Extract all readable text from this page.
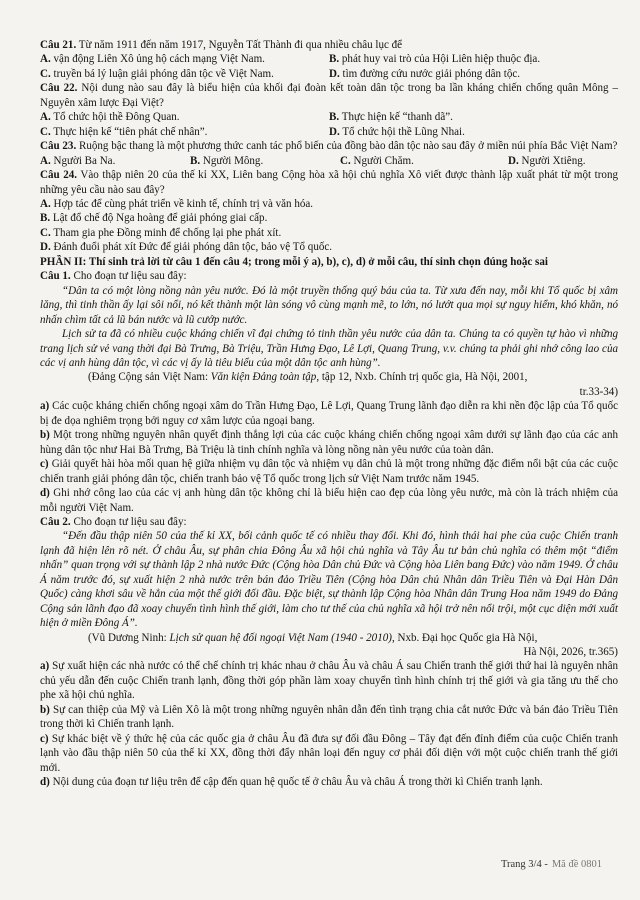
Câu 21. Từ năm 1911 đến năm 1917, Nguyễn Tất Thành đi qua nhiều châu lục để
A. vận động Liên Xô ủng hộ cách mạng Việt Nam.	B. phát huy vai trò của Hội Liên hiệp thuộc địa.
C. truyền bá lý luận giải phóng dân tộc về Việt Nam.	D. tìm đường cứu nước giải phóng dân tộc.
Câu 22. Nội dung nào sau đây là biểu hiện của khối đại đoàn kết toàn dân tộc trong ba lần kháng chiến chống quân Mông – Nguyên xâm lược Đại Việt?
A. Tổ chức hội thề Đông Quan.	B. Thực hiện kế “thanh dã”.
C. Thực hiện kế “tiên phát chế nhân”.	D. Tổ chức hội thề Lũng Nhai.
Câu 23. Ruộng bậc thang là một phương thức canh tác phổ biến của đồng bào dân tộc nào sau đây ở miền núi phía Bắc Việt Nam?
A. Người Ba Na.	B. Người Mông.	C. Người Chăm.	D. Người Xtiêng.
Câu 24. Vào thập niên 20 của thế kỉ XX, Liên bang Cộng hòa xã hội chủ nghĩa Xô viết được thành lập xuất phát từ một trong những yêu cầu nào sau đây?
A. Hợp tác để cùng phát triển về kinh tế, chính trị và văn hóa.
B. Lật đổ chế độ Nga hoàng để giải phóng giai cấp.
C. Tham gia phe Đồng minh để chống lại phe phát xít.
D. Đánh đuổi phát xít Đức để giải phóng dân tộc, bảo vệ Tổ quốc.
PHẦN II: Thí sinh trả lời từ câu 1 đến câu 4; trong mỗi ý a), b), c), d) ở mỗi câu, thí sinh chọn đúng hoặc sai
Câu 1. Cho đoạn tư liệu sau đây:
“Dân ta có một lòng nồng nàn yêu nước. Đó là một truyền thống quý báu của ta. Từ xưa đến nay, mỗi khi Tổ quốc bị xâm lăng, thì tinh thần ấy lại sôi nổi, nó kết thành một làn sóng vô cùng mạnh mẽ, to lớn, nó lướt qua mọi sự nguy hiểm, khó khăn, nó nhấn chìm tất cả lũ bán nước và lũ cướp nước.
Lịch sử ta đã có nhiều cuộc kháng chiến vĩ đại chứng tỏ tinh thần yêu nước của dân ta. Chúng ta có quyền tự hào vì những trang lịch sử vẻ vang thời đại Bà Trưng, Bà Triệu, Trần Hưng Đạo, Lê Lợi, Quang Trung, v.v. chúng ta phải ghi nhớ công lao của các vị anh hùng dân tộc, vì các vị ấy là tiêu biểu của một dân tộc anh hùng”.
(Đảng Cộng sản Việt Nam: Văn kiện Đảng toàn tập, tập 12, Nxb. Chính trị quốc gia, Hà Nội, 2001,
tr.33-34)
a) Các cuộc kháng chiến chống ngoại xâm do Trần Hưng Đạo, Lê Lợi, Quang Trung lãnh đạo diễn ra khi nền độc lập của Tổ quốc bị đe dọa nghiêm trọng bởi nguy cơ xâm lược của ngoại bang.
b) Một trong những nguyên nhân quyết định thắng lợi của các cuộc kháng chiến chống ngoại xâm dưới sự lãnh đạo của các anh hùng dân tộc như Hai Bà Trưng, Bà Triệu là tinh chính nghĩa và lòng nồng nàn yêu nước của toàn dân.
c) Giải quyết hài hòa mối quan hệ giữa nhiệm vụ dân tộc và nhiệm vụ dân chủ là một trong những đặc điểm nổi bật của các cuộc chiến tranh giải phóng dân tộc, chiến tranh bảo vệ Tổ quốc trong lịch sử Việt Nam trước năm 1945.
d) Ghi nhớ công lao của các vị anh hùng dân tộc không chỉ là biểu hiện cao đẹp của lòng yêu nước, mà còn là trách nhiệm của mỗi người Việt Nam.
Câu 2. Cho đoạn tư liệu sau đây:
“Đến đầu thập niên 50 của thế kỉ XX, bối cảnh quốc tế có nhiều thay đổi. Khi đó, hình thái hai phe của cuộc Chiến tranh lạnh đã hiện lên rõ nét. Ở châu Âu, sự phân chia Đông Âu xã hội chủ nghĩa và Tây Âu tư bản chủ nghĩa có thêm một “điểm nhấn” quan trọng với sự thành lập 2 nhà nước Đức (Cộng hòa Dân chủ Đức và Cộng hòa Liên bang Đức) vào năm 1949. Ở châu Á năm trước đó, sự xuất hiện 2 nhà nước trên bán đảo Triều Tiên (Cộng hòa Dân chủ Nhân dân Triều Tiên và Đại Hàn Dân Quốc) càng khơi sâu về hẳn của một thế giới đối đầu. Đặc biệt, sự thành lập Cộng hòa Nhân dân Trung Hoa năm 1949 do Đảng Cộng sản lãnh đạo đã xoay chuyển tình hình thế giới, làm cho tư thế của chủ nghĩa xã hội trở nên nổi trội, một cục diện mới xuất hiện ở miền Đông Á”.
(Vũ Dương Ninh: Lịch sử quan hệ đối ngoại Việt Nam (1940 - 2010), Nxb. Đại học Quốc gia Hà Nội,
Hà Nội, 2026, tr.365)
a) Sự xuất hiện các nhà nước có thể chế chính trị khác nhau ở châu Âu và châu Á sau Chiến tranh thế giới thứ hai là nguyên nhân chủ yếu dẫn đến cuộc Chiến tranh lạnh, đồng thời góp phần làm xoay chuyển tình hình chính trị thế giới và gia tăng ưu thế cho phe xã hội chủ nghĩa.
b) Sự can thiệp của Mỹ và Liên Xô là một trong những nguyên nhân dẫn đến tình trạng chia cắt nước Đức và bán đảo Triều Tiên trong thời kì Chiến tranh lạnh.
c) Sự khác biệt về ý thức hệ của các quốc gia ở châu Âu đã đưa sự đối đầu Đông – Tây đạt đến đỉnh điểm của cuộc Chiến tranh lạnh vào đầu thập niên 50 của thế kỉ XX, đồng thời đẩy nhân loại đến nguy cơ phải đối diện với một cuộc chiến tranh thế giới mới.
d) Nội dung của đoạn tư liệu trên để cập đến quan hệ quốc tế ở châu Âu và châu Á trong thời kì Chiến tranh lạnh.
Trang 3/4 - Mã đề 0801
